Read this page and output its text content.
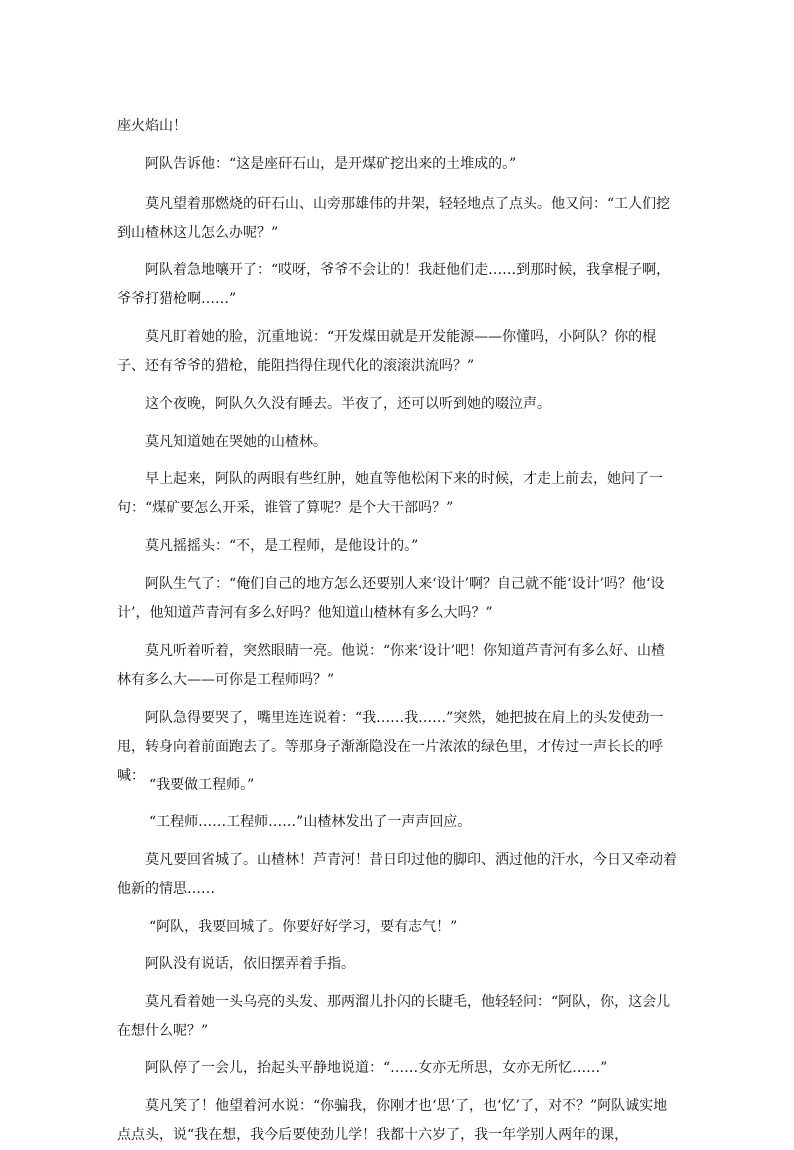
座火焰山！

阿队告诉他：“这是座矸石山，是开煤矿挖出来的土堆成的。”

莫凡望着那燃烧的矸石山、山旁那雄伟的井架，轻轻地点了点头。他又问：“工人们挖到山楂林这儿怎么办呢？”

阿队着急地嚷开了：“哎呀，爷爷不会让的！我赶他们走……到那时候，我拿棍子啊，爷爷打猎枪啊……”

莫凡盯着她的脸，沉重地说：“开发煤田就是开发能源——你懂吗，小阿队？你的棍子、还有爷爷的猎枪，能阻挡得住现代化的滚滚洪流吗？”

这个夜晚，阿队久久没有睡去。半夜了，还可以听到她的啜泣声。

莫凡知道她在哭她的山楂林。

早上起来，阿队的两眼有些红肿，她直等他松闲下来的时候，才走上前去，她问了一句：“煤矿要怎么开采，谁管了算呢？是个大干部吗？”

莫凡摇摇头：“不，是工程师，是他设计的。”

阿队生气了：“俺们自己的地方怎么还要别人来‘设计’啊？自己就不能‘设计’吗？他‘设计’，他知道芦青河有多么好吗？他知道山楂林有多么大吗？”

莫凡听着听着，突然眼睛一亮。他说：“你来‘设计’吧！你知道芦青河有多么好、山楂林有多么大——可你是工程师吗？”

阿队急得要哭了，嘴里连连说着：“我……我……”突然，她把披在肩上的头发使劲一甩，转身向着前面跑去了。等那身子渐渐隐没在一片浓浓的绿色里，才传过一声长长的呼喊：

“我要做工程师。”

“工程师……工程师……”山楂林发出了一声声回应。

莫凡要回省城了。山楂林！芦青河！昔日印过他的脚印、洒过他的汗水，今日又牵动着他新的情思……

“阿队，我要回城了。你要好好学习，要有志气！”

阿队没有说话，依旧摆弄着手指。

莫凡看着她一头乌亮的头发、那两溜儿扑闪的长睫毛，他轻轻问：“阿队，你，这会儿在想什么呢？”

阿队停了一会儿，抬起头平静地说道：“……女亦无所思，女亦无所忆……”

莫凡笑了！他望着河水说：“你骗我，你刚才也‘思’了，也‘忆’了，对不？”阿队诚实地点点头，说“我在想，我今后要使劲儿学！我都十六岁了，我一年学别人两年的课，
